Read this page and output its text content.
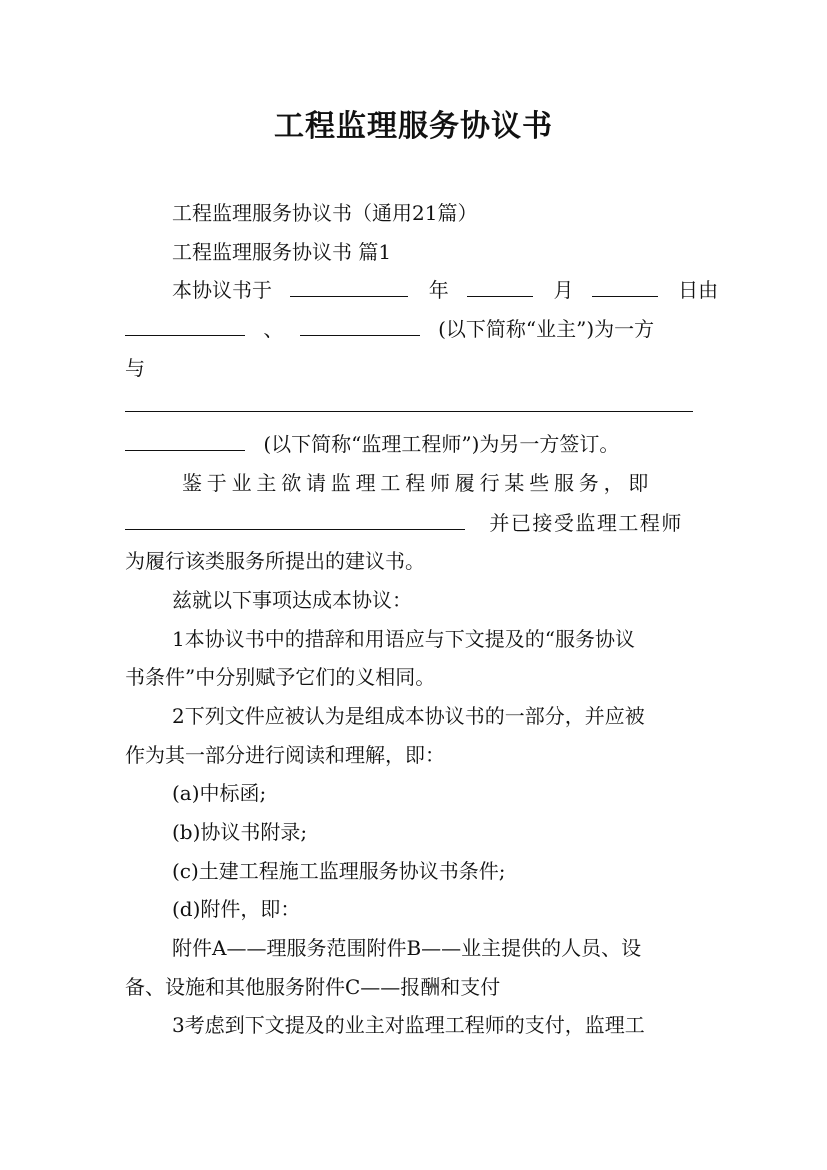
工程监理服务协议书
工程监理服务协议书（通用21篇）
工程监理服务协议书 篇1
本协议书于	年	月	日由
、	(以下简称“业主”)为一方
与
(以下简称“监理工程师”)为另一方签订。
鉴于业主欲请监理工程师履行某些服务，即
并已接受监理工程师
为履行该类服务所提出的建议书。
兹就以下事项达成本协议：
1本协议书中的措辞和用语应与下文提及的“服务协议
书条件”中分别赋予它们的义相同。
2下列文件应被认为是组成本协议书的一部分，并应被
作为其一部分进行阅读和理解，即：
(a)中标函;
(b)协议书附录;
(c)土建工程施工监理服务协议书条件;
(d)附件，即：
附件A——理服务范围附件B——业主提供的人员、设
备、设施和其他服务附件C——报酬和支付
3考虑到下文提及的业主对监理工程师的支付，监理工
